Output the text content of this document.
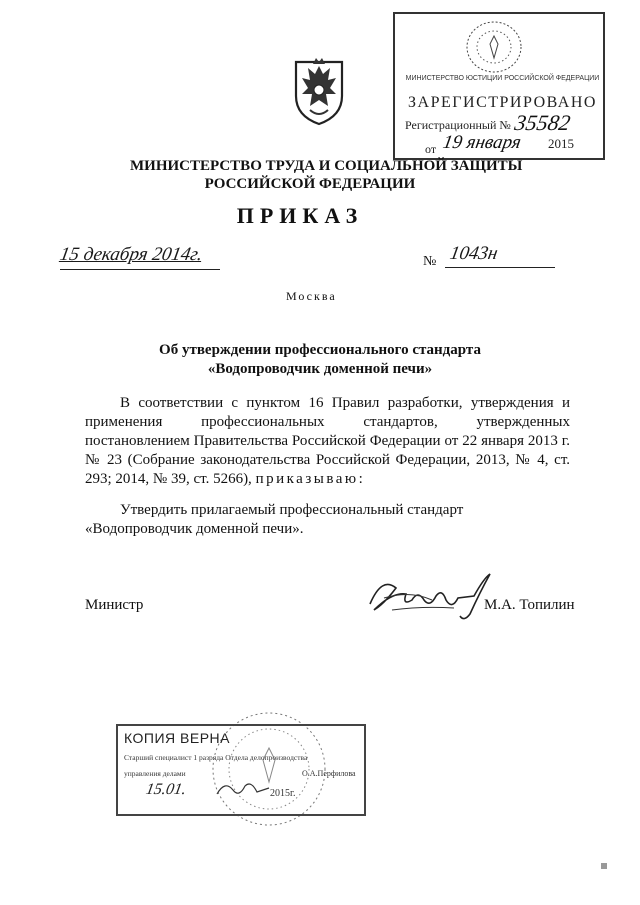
МИНИСТЕРСТВО ЮСТИЦИИ РОССИЙСКОЙ ФЕДЕРАЦИИ
ЗАРЕГИСТРИРОВАНО
Регистрационный № 35582
от 19 января 2015
МИНИСТЕРСТВО ТРУДА И СОЦИАЛЬНОЙ ЗАЩИТЫ
РОССИЙСКОЙ ФЕДЕРАЦИИ
ПРИКАЗ
15 декабря 2014г.	№ 1043н
Москва
Об утверждении профессионального стандарта
«Водопроводчик доменной печи»
В соответствии с пунктом 16 Правил разработки, утверждения и применения профессиональных стандартов, утвержденных постановлением Правительства Российской Федерации от 22 января 2013 г. № 23 (Собрание законодательства Российской Федерации, 2013, № 4, ст. 293; 2014, № 39, ст. 5266), приказываю:
Утвердить прилагаемый профессиональный стандарт «Водопроводчик доменной печи».
Министр	М.А. Топилин
КОПИЯ ВЕРНА
Старший специалист 1 разряда Отдела делопроизводства
управления делами	О.А.Перфилова
15.01.	2015г.
